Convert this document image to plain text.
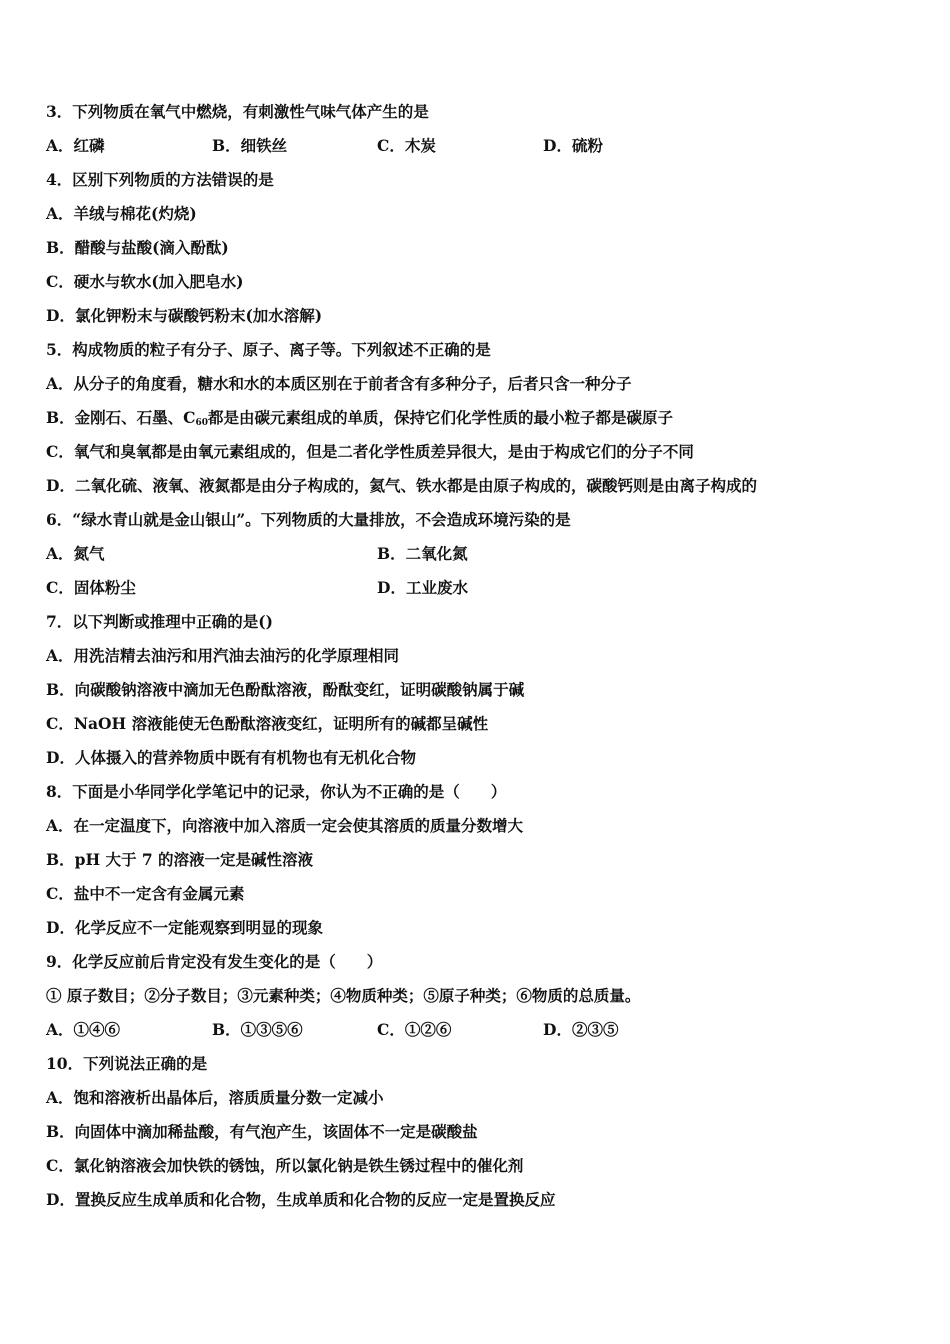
3．下列物质在氧气中燃烧，有刺激性气味气体产生的是
A．红磷	B．细铁丝	C．木炭	D．硫粉
4．区别下列物质的方法错误的是
A．羊绒与棉花(灼烧)
B．醋酸与盐酸(滴入酚酞)
C．硬水与软水(加入肥皂水)
D．氯化钾粉末与碳酸钙粉末(加水溶解)
5．构成物质的粒子有分子、原子、离子等。下列叙述不正确的是
A．从分子的角度看，糖水和水的本质区别在于前者含有多种分子，后者只含一种分子
B．金刚石、石墨、C60都是由碳元素组成的单质，保持它们化学性质的最小粒子都是碳原子
C．氧气和臭氧都是由氧元素组成的，但是二者化学性质差异很大，是由于构成它们的分子不同
D．二氧化硫、液氧、液氮都是由分子构成的，氦气、铁水都是由原子构成的，碳酸钙则是由离子构成的
6．“绿水青山就是金山银山”。下列物质的大量排放，不会造成环境污染的是
A．氮气	B．二氧化氮
C．固体粉尘	D．工业废水
7．以下判断或推理中正确的是()
A．用洗洁精去油污和用汽油去油污的化学原理相同
B．向碳酸钠溶液中滴加无色酚酞溶液，酚酞变红，证明碳酸钠属于碱
C．NaOH 溶液能使无色酚酞溶液变红，证明所有的碱都呈碱性
D．人体摄入的营养物质中既有有机物也有无机化合物
8．下面是小华同学化学笔记中的记录，你认为不正确的是（　　）
A．在一定温度下，向溶液中加入溶质一定会使其溶质的质量分数增大
B．pH 大于 7 的溶液一定是碱性溶液
C．盐中不一定含有金属元素
D．化学反应不一定能观察到明显的现象
9．化学反应前后肯定没有发生变化的是（　　）
① 原子数目；②分子数目；③元素种类；④物质种类；⑤原子种类；⑥物质的总质量。
A．①④⑥	B．①③⑤⑥	C．①②⑥	D．②③⑤
10．下列说法正确的是
A．饱和溶液析出晶体后，溶质质量分数一定减小
B．向固体中滴加稀盐酸，有气泡产生，该固体不一定是碳酸盐
C．氯化钠溶液会加快铁的锈蚀，所以氯化钠是铁生锈过程中的催化剂
D．置换反应生成单质和化合物，生成单质和化合物的反应一定是置换反应
